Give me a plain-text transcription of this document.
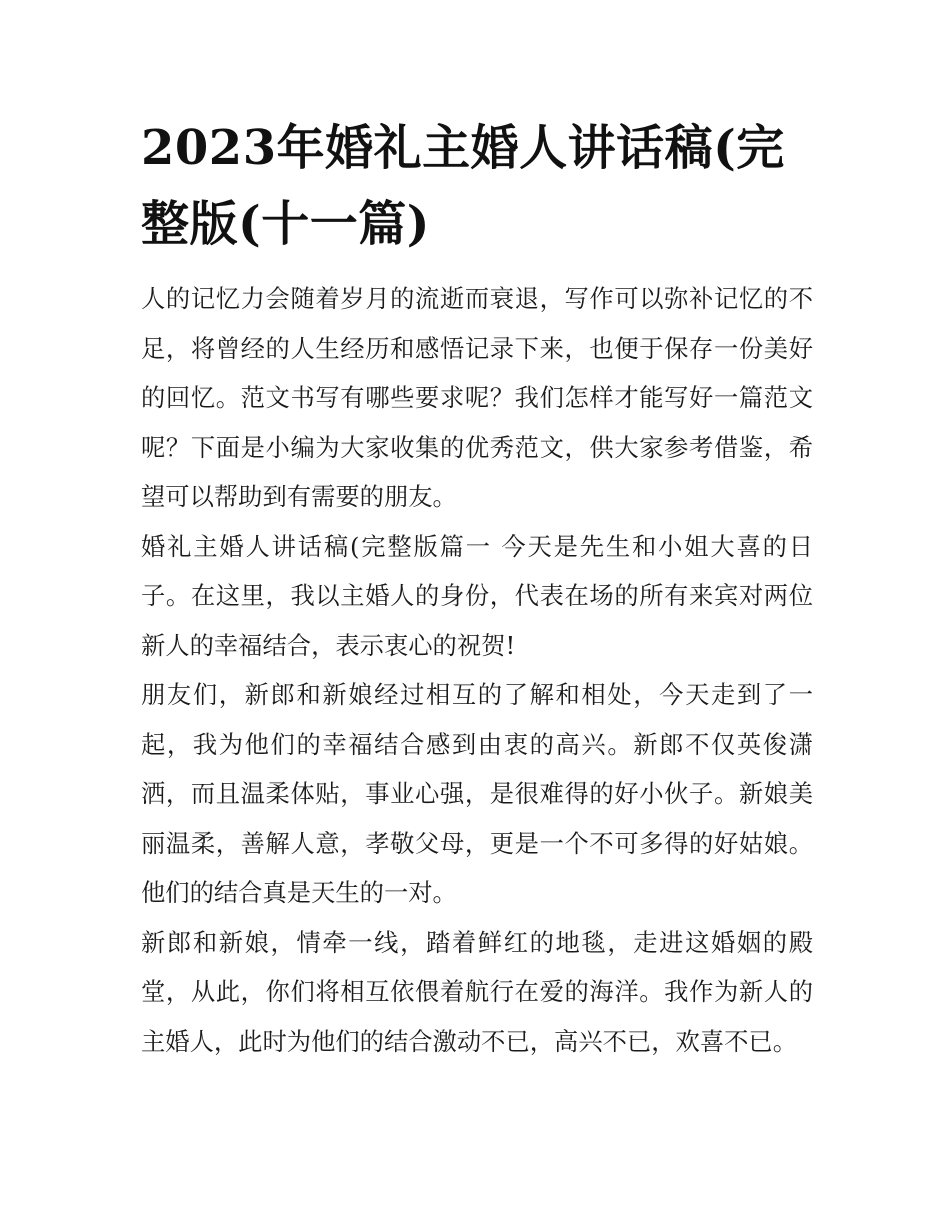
2023年婚礼主婚人讲话稿(完整版(十一篇)

人的记忆力会随着岁月的流逝而衰退，写作可以弥补记忆的不足，将曾经的人生经历和感悟记录下来，也便于保存一份美好的回忆。范文书写有哪些要求呢？我们怎样才能写好一篇范文呢？下面是小编为大家收集的优秀范文，供大家参考借鉴，希望可以帮助到有需要的朋友。

婚礼主婚人讲话稿(完整版篇一 今天是先生和小姐大喜的日子。在这里，我以主婚人的身份，代表在场的所有来宾对两位新人的幸福结合，表示衷心的祝贺!

朋友们，新郎和新娘经过相互的了解和相处，今天走到了一起，我为他们的幸福结合感到由衷的高兴。新郎不仅英俊潇洒，而且温柔体贴，事业心强，是很难得的好小伙子。新娘美丽温柔，善解人意，孝敬父母，更是一个不可多得的好姑娘。他们的结合真是天生的一对。

新郎和新娘，情牵一线，踏着鲜红的地毯，走进这婚姻的殿堂，从此，你们将相互依偎着航行在爱的海洋。我作为新人的主婚人，此时为他们的结合激动不已，高兴不已，欢喜不已。
